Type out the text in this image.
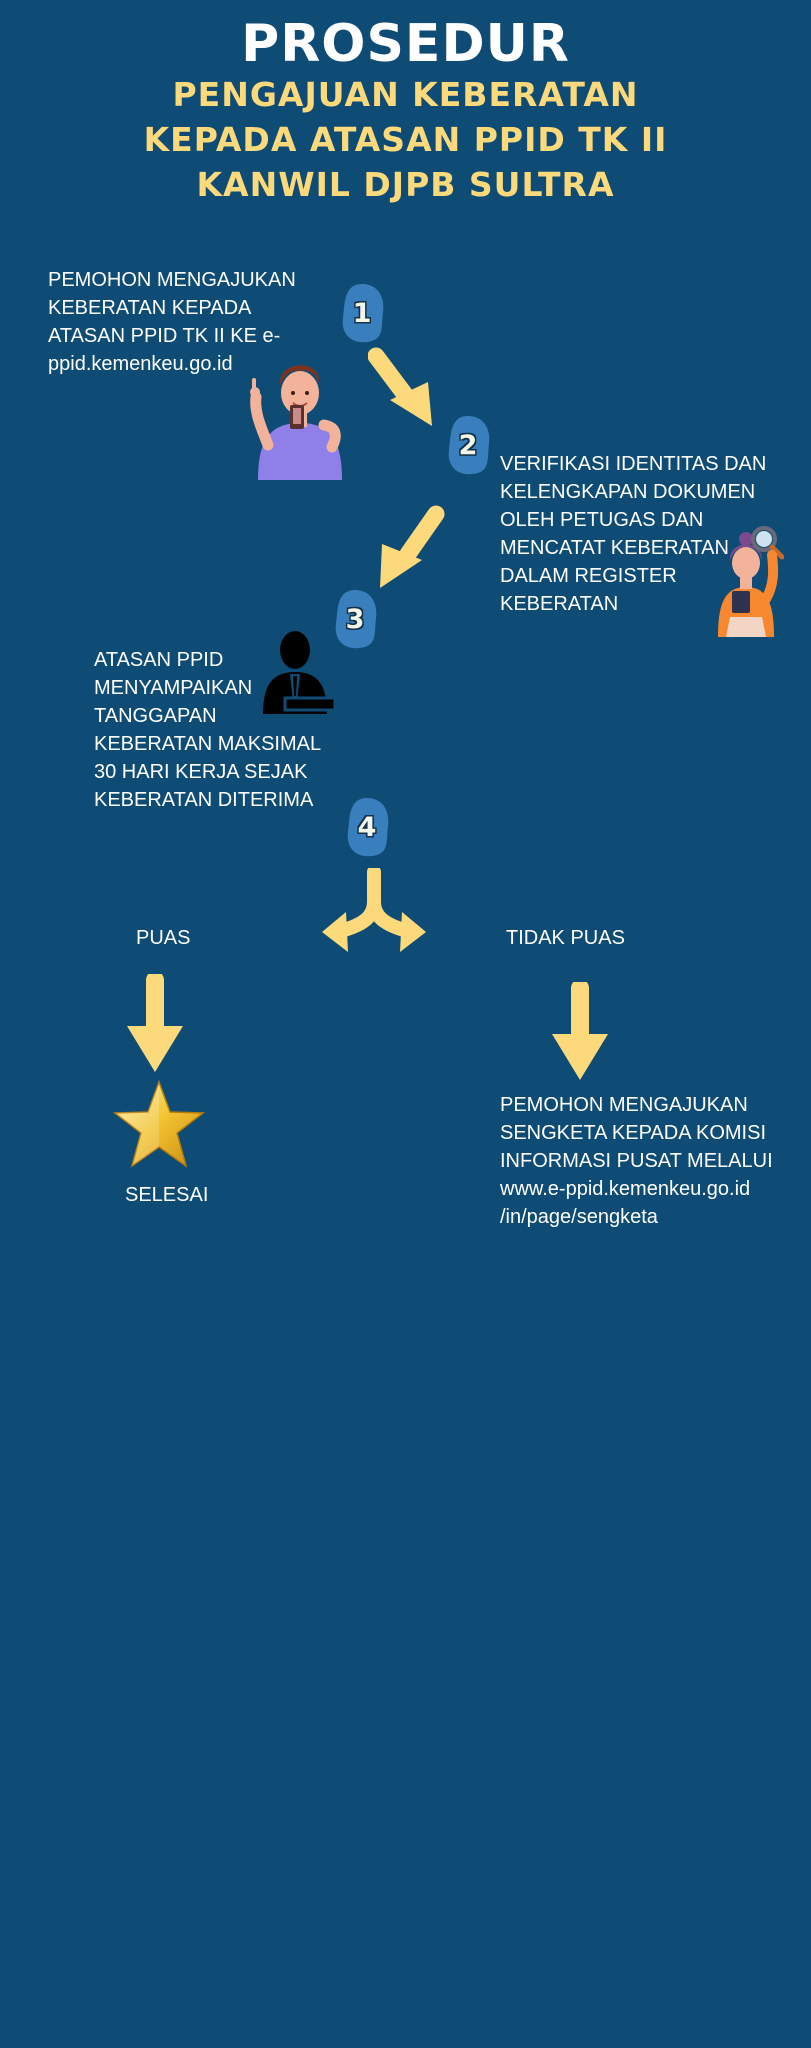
PROSEDUR
PENGAJUAN KEBERATAN
KEPADA ATASAN PPID TK II
KANWIL DJPB SULTRA
PEMOHON MENGAJUKAN
KEBERATAN KEPADA
ATASAN PPID TK II KE e-
ppid.kemenkeu.go.id
1
2
VERIFIKASI IDENTITAS DAN
KELENGKAPAN DOKUMEN
OLEH PETUGAS DAN
MENCATAT KEBERATAN
DALAM REGISTER
KEBERATAN
3
ATASAN PPID
MENYAMPAIKAN
TANGGAPAN
KEBERATAN MAKSIMAL
30 HARI KERJA SEJAK
KEBERATAN DITERIMA
4
PUAS	TIDAK PUAS
SELESAI
PEMOHON MENGAJUKAN
SENGKETA KEPADA KOMISI
INFORMASI PUSAT MELALUI
www.e-ppid.kemenkeu.go.id
/in/page/sengketa
